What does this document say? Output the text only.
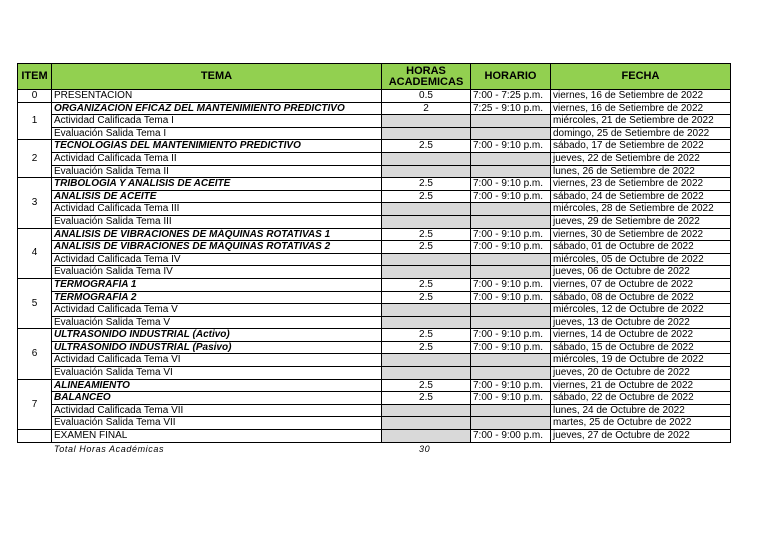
ITEM	TEMA	HORAS ACADEMICAS	HORARIO	FECHA
0	PRESENTACION	0.5	7:00 - 7:25 p.m.	viernes, 16 de Setiembre de 2022
1	ORGANIZACIÓN EFICAZ DEL MANTENIMIENTO PREDICTIVO	2	7:25 - 9:10 p.m.	viernes, 16 de Setiembre de 2022
	Actividad Calificada Tema I			miércoles, 21 de Setiembre de 2022
	Evaluación Salida Tema I			domingo, 25 de Setiembre de 2022
2	TECNOLOGÍAS DEL MANTENIMIENTO PREDICTIVO	2.5	7:00 - 9:10 p.m.	sábado, 17 de Setiembre de 2022
	Actividad Calificada Tema II			jueves, 22 de Setiembre de 2022
	Evaluación Salida Tema II			lunes, 26 de Setiembre de 2022
3	TRIBOLOGÍA Y ANÁLISIS DE ACEITE	2.5	7:00 - 9:10 p.m.	viernes, 23 de Setiembre de 2022
	ANÁLISIS DE ACEITE	2.5	7:00 - 9:10 p.m.	sábado, 24 de Setiembre de 2022
	Actividad Calificada Tema III			miércoles, 28 de Setiembre de 2022
	Evaluación Salida Tema III			jueves, 29 de Setiembre de 2022
4	ANÁLISIS DE VIBRACIONES DE MÁQUINAS ROTATIVAS 1	2.5	7:00 - 9:10 p.m.	viernes, 30 de Setiembre de 2022
	ANÁLISIS DE VIBRACIONES DE MÁQUINAS ROTATIVAS 2	2.5	7:00 - 9:10 p.m.	sábado, 01 de Octubre de 2022
	Actividad Calificada Tema IV			miércoles, 05 de Octubre de 2022
	Evaluación Salida Tema IV			jueves, 06 de Octubre de 2022
5	TERMOGRAFÍA 1	2.5	7:00 - 9:10 p.m.	viernes, 07 de Octubre de 2022
	TERMOGRAFÍA 2	2.5	7:00 - 9:10 p.m.	sábado, 08 de Octubre de 2022
	Actividad Calificada Tema V			miércoles, 12 de Octubre de 2022
	Evaluación Salida Tema V			jueves, 13 de Octubre de 2022
6	ULTRASONIDO INDUSTRIAL (Activo)	2.5	7:00 - 9:10 p.m.	viernes, 14 de Octubre de 2022
	ULTRASONIDO INDUSTRIAL (Pasivo)	2.5	7:00 - 9:10 p.m.	sábado, 15 de Octubre de 2022
	Actividad Calificada Tema VI			miércoles, 19 de Octubre de 2022
	Evaluación Salida Tema VI			jueves, 20 de Octubre de 2022
7	ALINEAMIENTO	2.5	7:00 - 9:10 p.m.	viernes, 21 de Octubre de 2022
	BALANCEO	2.5	7:00 - 9:10 p.m.	sábado, 22 de Octubre de 2022
	Actividad Calificada Tema VII			lunes, 24 de Octubre de 2022
	Evaluación Salida Tema VII			martes, 25 de Octubre de 2022
	EXAMEN FINAL		7:00 - 9:00 p.m.	jueves, 27 de Octubre de 2022
Total Horas Académicas	30
